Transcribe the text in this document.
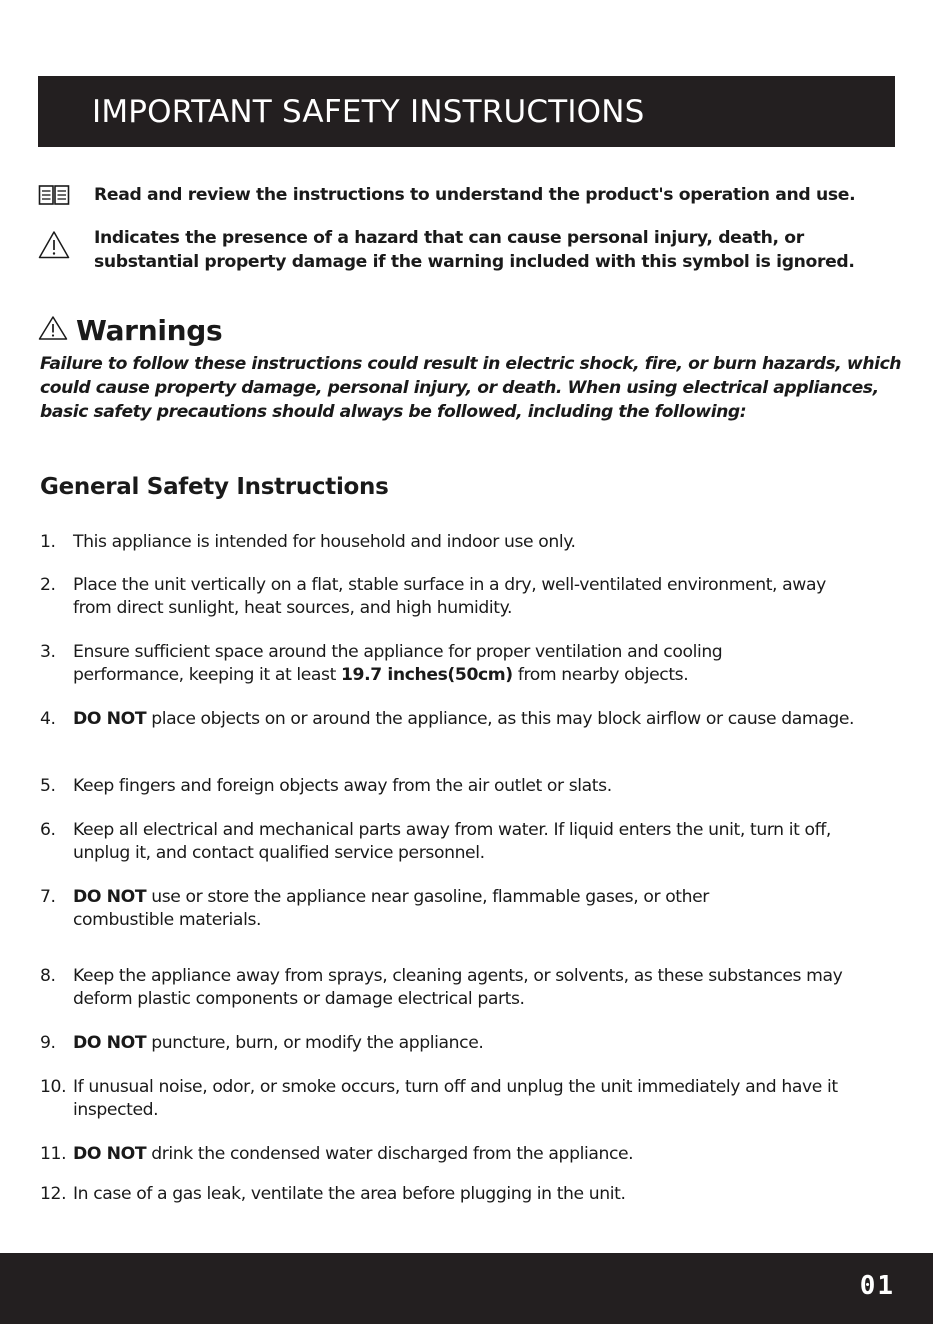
IMPORTANT SAFETY INSTRUCTIONS
Read and review the instructions to understand the product's operation and use.
Indicates the presence of a hazard that can cause personal injury, death, or substantial property damage if the warning included with this symbol is ignored.
Warnings
Failure to follow these instructions could result in electric shock, fire, or burn hazards, which could cause property damage, personal injury, or death. When using electrical appliances, basic safety precautions should always be followed, including the following:
General Safety Instructions
1.	This appliance is intended for household and indoor use only.
2.	Place the unit vertically on a flat, stable surface in a dry, well-ventilated environment, away from direct sunlight, heat sources, and high humidity.
3.	Ensure sufficient space around the appliance for proper ventilation and cooling performance, keeping it at least 19.7 inches(50cm) from nearby objects.
4.	DO NOT place objects on or around the appliance, as this may block airflow or cause damage.
5.	Keep fingers and foreign objects away from the air outlet or slats.
6.	Keep all electrical and mechanical parts away from water. If liquid enters the unit, turn it off, unplug it, and contact qualified service personnel.
7.	DO NOT use or store the appliance near gasoline, flammable gases, or other combustible materials.
8.	Keep the appliance away from sprays, cleaning agents, or solvents, as these substances may deform plastic components or damage electrical parts.
9.	DO NOT puncture, burn, or modify the appliance.
10. If unusual noise, odor, or smoke occurs, turn off and unplug the unit immediately and have it inspected.
11. DO NOT drink the condensed water discharged from the appliance.
12. In case of a gas leak, ventilate the area before plugging in the unit.
01
